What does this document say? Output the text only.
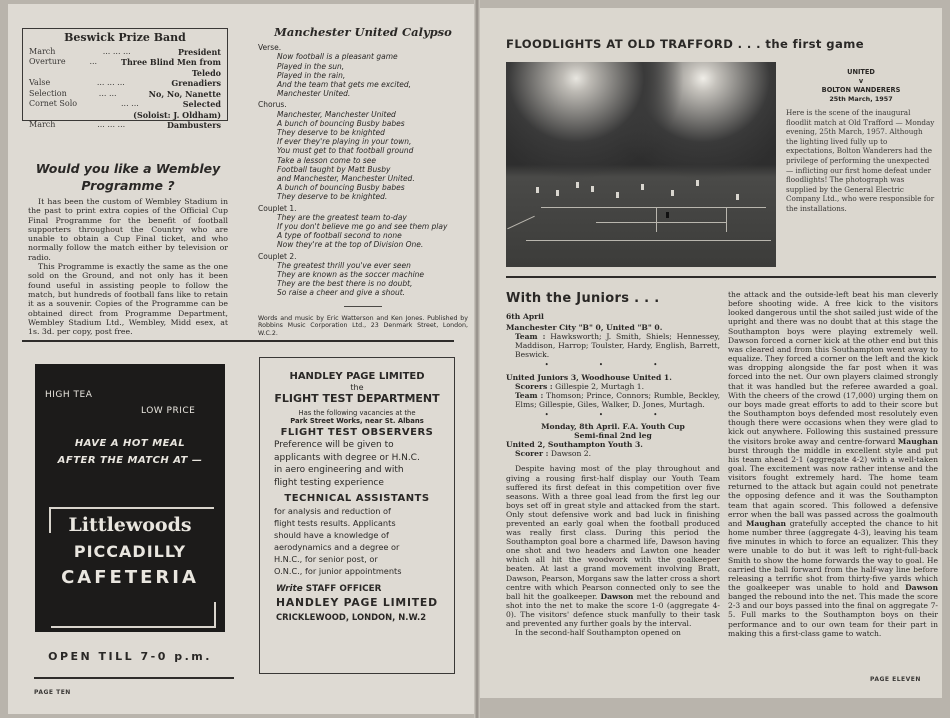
Beswick Prize Band
March	... ... ...	President
Overture	...	Three Blind Men from
Teledo
Valse	... ... ...	Grenadiers
Selection	... ...	No, No, Nanette
Cornet Solo	... ...	Selected
(Soloist: J. Oldham)
March	... ... ...	Dambusters
Would you like a Wembley
Programme ?

It has been the custom of Wembley Stadium in the past to print extra copies of the Official Cup Final Programme for the benefit of football supporters throughout the Country who are unable to obtain a Cup Final ticket, and who normally follow the match either by television or radio.

This Programme is exactly the same as the one sold on the Ground, and not only has it been found useful in assisting people to follow the match, but hundreds of football fans like to retain it as a souvenir. Copies of the Programme can be obtained direct from Programme Department, Wembley Stadium Ltd., Wembley, Midd esex, at 1s. 3d. per copy, post free.

Manchester United Calypso
Verse.
Now football is a pleasant game
Played in the sun,
Played in the rain,
And the team that gets me excited,
Manchester United.
Chorus.
Manchester, Manchester United
A bunch of bouncing Busby babes
They deserve to be knighted
If ever they're playing in your town,
You must get to that football ground
Take a lesson come to see
Football taught by Matt Busby
and Manchester, Manchester United.
A bunch of bouncing Busby babes
They deserve to be knighted.
Couplet 1.
They are the greatest team to-day
If you don't believe me go and see them play
A type of football second to none
Now they're at the top of Division One.
Couplet 2.
The greatest thrill you've ever seen
They are known as the soccer machine
They are the best there is no doubt,
So raise a cheer and give a shout.
Words and music by Eric Watterson and Ken Jones. Published by Robbins Music Corporation Ltd., 23 Denmark Street, London, W.C.2.
HIGH TEA
LOW PRICE
HAVE A HOT MEAL
AFTER THE MATCH AT —
Littlewoods
PICCADILLY
CAFETERIA
OPEN TILL 7-0 p.m.
PAGE TEN
HANDLEY PAGE LIMITED
the
FLIGHT TEST DEPARTMENT
Has the following vacancies at the
Park Street Works, near St. Albans
FLIGHT TEST OBSERVERS
Preference will be given to
applicants with degree or H.N.C.
in aero engineering and with
flight testing experience
TECHNICAL ASSISTANTS
for analysis and reduction of
flight tests results. Applicants
should have a knowledge of
aerodynamics and a degree or
H.N.C., for senior post, or
O.N.C., for junior appointments
Write STAFF OFFICER
HANDLEY PAGE LIMITED
CRICKLEWOOD, LONDON, N.W.2
FLOODLIGHTS AT OLD TRAFFORD . . . the first game
UNITED
v
BOLTON WANDERERS
25th March, 1957

Here is the scene of the inaugural floodlit match at Old Trafford — Monday evening, 25th March, 1957. Although the lighting lived fully up to expectations, Bolton Wanderers had the privilege of performing the unexpected — inflicting our first home defeat under floodlights! The photograph was supplied by the General Electric Company Ltd., who were responsible for the installations.

With the Juniors . . .
6th April
Manchester City "B" 0, United "B" 0.
Team : Hawksworth; J. Smith, Shiels; Hennessey, Maddison, Harrop; Toulster, Hardy, English, Barrett, Beswick.
• • •
United Juniors 3, Woodhouse United 1.
Scorers : Gillespie 2, Murtagh 1.
Team : Thomson; Prince, Connors; Rumble, Beckley, Elms; Gillespie, Giles, Walker, D. Jones, Murtagh.
• • •
Monday, 8th April. F.A. Youth Cup
Semi-final 2nd leg
United 2, Southampton Youth 3.
Scorer : Dawson 2.
Despite having most of the play throughout and giving a rousing first-half display our Youth Team suffered its first defeat in this competition over five seasons. With a three goal lead from the first leg our boys set off in great style and attacked from the start. Only stout defensive work and bad luck in finishing prevented an early goal when the football produced was really first class. During this period the Southampton goal bore a charmed life, Dawson having one shot and two headers and Lawton one header which all hit the woodwork with the goalkeeper beaten. At last a grand movement involving Bratt, Dawson, Pearson, Morgans saw the latter cross a short centre with which Pearson connected only to see the ball hit the goalkeeper. Dawson met the rebound and shot into the net to make the score 1-0 (aggregate 4-0). The visitors' defence stuck manfully to their task and prevented any further goals by the interval.
In the second-half Southampton opened on
the attack and the outside-left beat his man cleverly before shooting wide. A free kick to the visitors looked dangerous until the shot sailed just wide of the upright and there was no doubt that at this stage the Southampton boys were playing extremely well. Dawson forced a corner kick at the other end but this was cleared and from this Southampton went away to equalize. They forced a corner on the left and the kick was dropping alongside the far post when it was forced into the net. Our own players claimed strongly that it was handled but the referee awarded a goal. With the cheers of the crowd (17,000) urging them on our boys made great efforts to add to their score but the Southampton boys defended most resolutely even though there were occasions when they were glad to kick out anywhere. Following this sustained pressure the visitors broke away and centre-forward Maughan burst through the middle in excellent style and put his team ahead 2-1 (aggregate 4-2) with a well-taken goal. The excitement was now rather intense and the visitors fought extremely hard. The home team returned to the attack but again could not penetrate the opposing defence and it was the Southampton team that again scored. This followed a defensive error when the ball was passed across the goalmouth and Maughan gratefully accepted the chance to hit home number three (aggregate 4-3), leaving his team five minutes in which to force an equalizer. This they were unable to do but it was left to right-full-back Smith to show the home forwards the way to goal. He carried the ball forward from the half-way line before releasing a terrific shot from thirty-five yards which the goalkeeper was unable to hold and Dawson banged the rebound into the net. This made the score 2-3 and our boys passed into the final on aggregate 7-5. Full marks to the Southampton boys on their performance and to our own team for their part in making this a first-class game to watch.
PAGE ELEVEN
